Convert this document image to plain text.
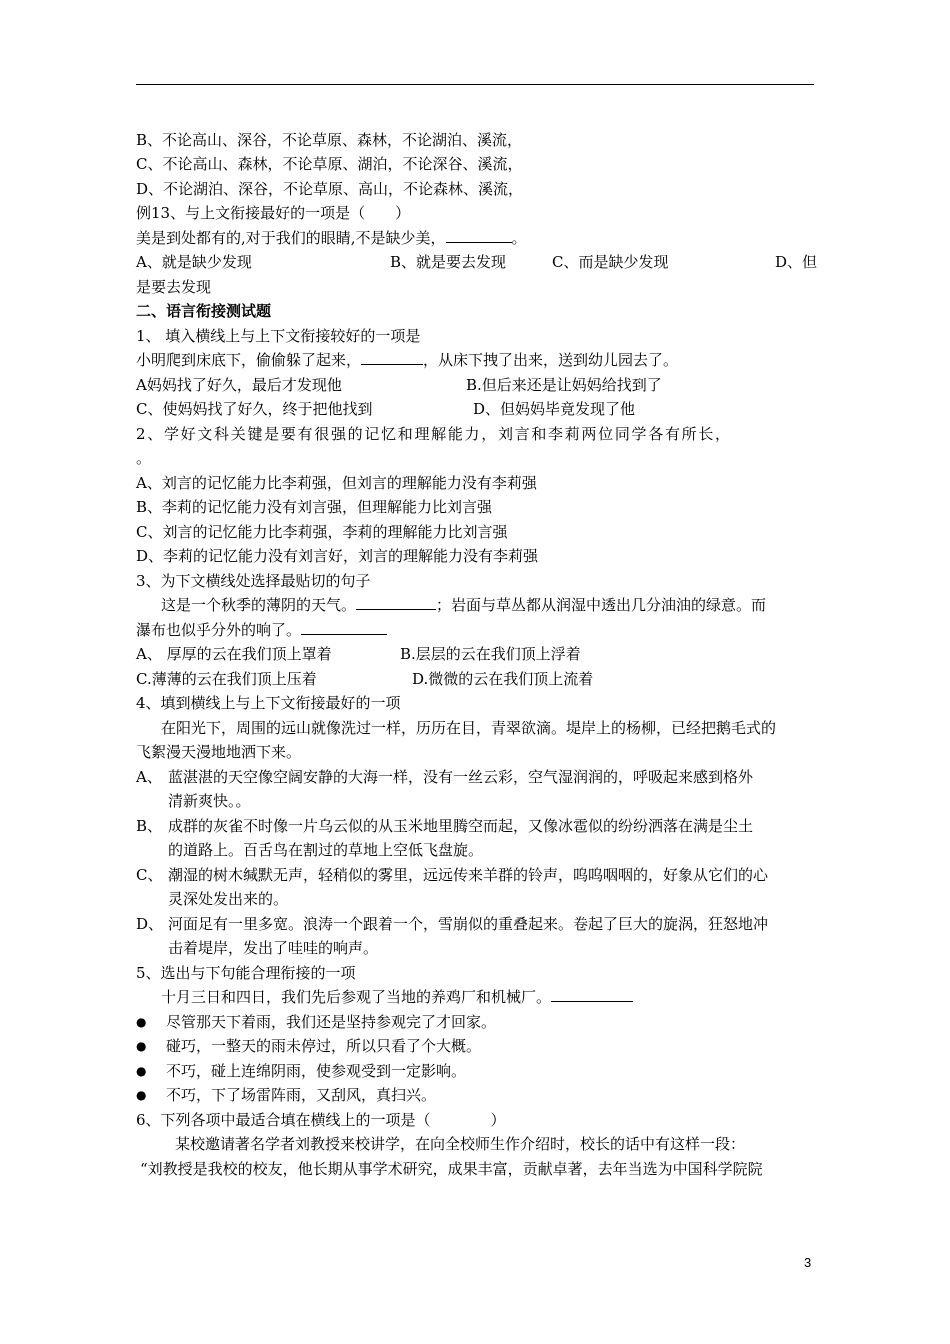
B、不论高山、深谷，不论草原、森林，不论湖泊、溪流，
C、不论高山、森林，不论草原、湖泊，不论深谷、溪流，
D、不论湖泊、深谷，不论草原、高山，不论森林、溪流，
例13、与上文衔接最好的一项是（　　）
美是到处都有的,对于我们的眼睛,不是缺少美，	。
A、就是缺少发现	B、就是要去发现	C、而是缺少发现	D、但
是要去发现
二、语言衔接测试题
1、 填入横线上与上下文衔接较好的一项是
小明爬到床底下，偷偷躲了起来，	，从床下拽了出来，送到幼儿园去了。
A妈妈找了好久，最后才发现他	B.但后来还是让妈妈给找到了
C、使妈妈找了好久，终于把他找到	D、但妈妈毕竟发现了他
2、学好文科关键是要有很强的记忆和理解能力，刘言和李莉两位同学各有所长，
。
A、刘言的记忆能力比李莉强，但刘言的理解能力没有李莉强
B、李莉的记忆能力没有刘言强，但理解能力比刘言强
C、刘言的记忆能力比李莉强，李莉的理解能力比刘言强
D、李莉的记忆能力没有刘言好，刘言的理解能力没有李莉强
3、为下文横线处选择最贴切的句子
这是一个秋季的薄阴的天气。	；岩面与草丛都从润湿中透出几分油油的绿意。而
瀑布也似乎分外的响了。
A、 厚厚的云在我们顶上罩着	B.层层的云在我们顶上浮着
C.薄薄的云在我们顶上压着	D.微微的云在我们顶上流着
4、填到横线上与上下文衔接最好的一项
在阳光下，周围的远山就像洗过一样，历历在目，青翠欲滴。堤岸上的杨柳，已经把鹅毛式的
飞絮漫天漫地地洒下来。
A、 蓝湛湛的天空像空阔安静的大海一样，没有一丝云彩，空气湿润润的，呼吸起来感到格外
清新爽快。。
B、 成群的灰雀不时像一片乌云似的从玉米地里腾空而起，又像冰雹似的纷纷洒落在满是尘土
的道路上。百舌鸟在割过的草地上空低飞盘旋。
C、 潮湿的树木缄默无声，轻稍似的雾里，远远传来羊群的铃声，呜呜咽咽的，好象从它们的心
灵深处发出来的。
D、 河面足有一里多宽。浪涛一个跟着一个，雪崩似的重叠起来。卷起了巨大的旋涡，狂怒地冲
击着堤岸，发出了哇哇的响声。
5、选出与下句能合理衔接的一项
十月三日和四日，我们先后参观了当地的养鸡厂和机械厂。
● 尽管那天下着雨，我们还是坚持参观完了才回家。
● 碰巧，一整天的雨未停过，所以只看了个大概。
● 不巧，碰上连绵阴雨，使参观受到一定影响。
● 不巧，下了场雷阵雨，又刮风，真扫兴。
6、下列各项中最适合填在横线上的一项是（　　　　）
某校邀请著名学者刘教授来校讲学，在向全校师生作介绍时，校长的话中有这样一段：
“刘教授是我校的校友，他长期从事学术研究，成果丰富，贡献卓著，去年当选为中国科学院院
3
